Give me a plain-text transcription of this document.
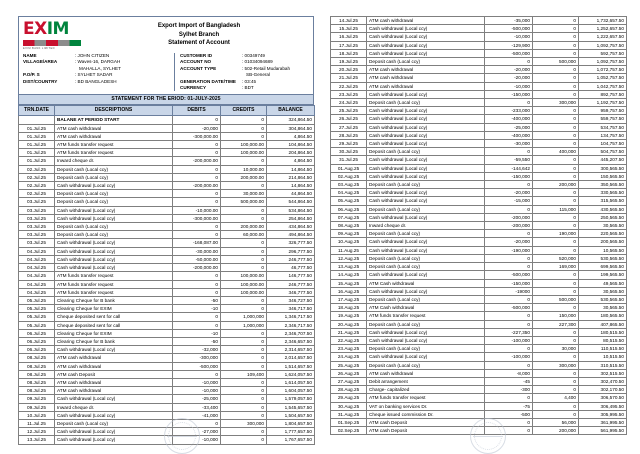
EXIM
EXIM BANK LIMITED
Export Import of Bangladesh
Sylhet Branch
Statement of Account
NAME	: JOHN CITIZEN
VILLAGE/AREA	: Waves-16, DARGAH
MAHALLA, SYLHET
P.O/P. S	: SYLHET SADAR
DIST/COUNTRY	: BD BANGLADESH
CUSTOMER ID	: 00349749
ACCOUNT NO	: 01034094689
ACCOUNT TYPE	: 502-Retail Mudarabah
SB-General
GENERATION DATE/TIME	: 03:45
CURRENCY	: BDT
STATEMENT FOR THE ERIOD: 01-JULY-2025
TRN.DATE	DESCRIPTIONS	DEBITS	CREDITS	BALANCE
	BALANE AT PERIOD START	0	0	324,864.50
01.Jul.25	ATM cash withdrawal	-20,000	0	304,864.50
01.Jul.25	ATM cash withdrawal	-300,000.00	0	4,864.50
01.Jul.25	ATM funds transfer request	0	100,000.00	104,864.50
01.Jul.25	ATM funds transfer request	0	100,000.00	204,864.50
01.Jul.25	Inward cheque dr.	-200,000.00	0	4,864.50
02.Jul.25	Deposit cash (Local ccy)	0	10,000.00	14,864.50
02.Jul.25	Deposit cash (Local ccy)	0	200,000.00	214,864.50
02.Jul.25	Cash withdrawal (Local ccy)	-200,000.00	0	14,864.50
02.Jul.25	Deposit cash (Local ccy)	0	30,000.00	44,864.50
03.Jul.25	Deposit cash (Local ccy)	0	500,000.00	544,864.50
03.Jul.25	Cash withdrawal (Local ccy)	-10,000.00	0	534,864.50
03.Jul.25	Cash withdrawal (Local ccy)	-300,000.00	0	254,864.50
03.Jul.25	Deposit cash (Local ccy)	0	200,000.00	434,864.50
03.Jul.25	Deposit cash (Local ccy)	0	60,000.00	494,864.50
03.Jul.25	Cash withdrawal (Local ccy)	-168,087.00	0	326,777.50
04.Jul.25	Cash withdrawal (Local ccy)	-30,000.00	0	296,777.50
04.Jul.25	Cash withdrawal (Local ccy)	-50,000.00	0	246,777.50
04.Jul.25	Cash withdrawal (Local ccy)	-200,000.00	0	46,777.50
04.Jul.25	ATM funds transfer request	0	100,000.00	146,777.50
04.Jul.25	ATM funds transfer request	0	100,000.00	246,777.50
04.Jul.25	ATM funds transfer request	0	100,000.00	346,777.50
05.Jul.25	Clearing Cheque for B bank	-50	0	346,727.50
05.Jul.25	Clearing Cheque for EXIM	-10	0	346,717.50
05.Jul.25	Cheque deposited sent for call	0	1,000,000	1,346,717.50
05.Jul.25	Cheque deposited sent for call	0	1,000,000	2,346,717.50
06.Jul.25	Clearing Cheque for EXIM	-10	0	2,346,707.50
06.Jul.25	Clearing Cheque for B bank	-50	0	2,346,657.50
06.Jul.25	Cash withdrawal (Local ccy)	-32,000	0	2,314,657.50
08.Jul.25	ATM cash withdrawal	-300,000	0	2,014,657.50
08.Jul.25	ATM cash withdrawal	-500,000	0	1,514,657.50
08.Jul.25	ATM cash Deposit	0	109,400	1,624,057.50
08.Jul.25	ATM cash withdrawal	-10,000	0	1,614,057.50
08.Jul.25	ATM cash withdrawal	-10,000	0	1,604,057.50
09.Jul.25	Cash withdrawal (Local ccy)	-25,000	0	1,579,057.50
09.Jul.25	Inward cheque dr.	-33,400	0	1,545,657.50
10.Jul.25	Cash withdrawal (Local ccy)	-41,000	0	1,504,657.50
11.Jul.25	Deposit cash (Local ccy)	0	300,000	1,804,657.50
12.Jul.25	Cash withdrawal (Local ccy)	-27,000	0	1,777,657.50
13.Jul.25	Cash withdrawal (Local ccy)	-10,000	0	1,767,657.50
14.Jul.25	ATM cash withdrawal	-35,000	0	1,732,657.50
15.Jul.25	Cash withdrawal (Local ccy)	-500,000	0	1,252,657.50
16.Jul.25	Cash withdrawal (Local ccy)	-10,000	0	1,222,657.50
17.Jul.25	Cash withdrawal (Local ccy)	-129,900	0	1,092,757.50
18.Jul.25	Cash withdrawal (Local ccy)	-500,000	0	592,757.50
19.Jul.25	Deposit cash (Local ccy)	0	500,000	1,092,757.50
20.Jul.25	ATM cash withdrawal	-20,000	0	1,072,757.50
21.Jul.25	ATM cash withdrawal	-20,000	0	1,052,757.50
22.Jul.25	ATM cash withdrawal	-10,000	0	1,042,757.50
23.Jul.25	Cash withdrawal (Local ccy)	-150,000	0	892,757.50
24.Jul.25	Deposit cash (Local ccy)	0	300,000	1,192,757.50
25.Jul.25	Cash withdrawal (Local ccy)	-233,000	0	959,757.50
26.Jul.25	Cash withdrawal (Local ccy)	-400,000	0	559,757.50
27.Jul.25	Cash withdrawal (Local ccy)	-25,000	0	534,757.50
28.Jul.25	Cash withdrawal (Local ccy)	-400,000	0	134,757.50
29.Jul.25	Cash withdrawal (Local ccy)	-30,000	0	104,757.50
30.Jul.25	Deposit cash (Local ccy)	0	400,000	504,757.50
31.Jul.25	Cash withdrawal (Local ccy)	-59,550	0	445,207.50
01.Aug.25	Cash withdrawal (Local ccy)	-144,642	0	300,565.50
02.Aug.25	Cash withdrawal (Local ccy)	-150,000	0	150,565.50
03.Aug.25	Deposit cash (Local ccy)	0	200,000	350,565.50
04.Aug.25	Cash withdrawal (Local ccy)	-20,000	0	330,565.50
05.Aug.25	Cash withdrawal (Local ccy)	-15,000	0	315,565.50
06.Aug.25	Deposit cash (Local ccy)	0	115,000	430,565.50
07.Aug.25	Cash withdrawal (Local ccy)	-200,000	0	250,565.50
08.Aug.25	Inward cheque dr.	-200,000	0	30,565.50
09.Aug.25	Deposit cash (Local ccy)	0	190,000	220,565.50
10.Aug.25	Cash withdrawal (Local ccy)	-20,000	0	200,565.50
11.Aug.25	Cash withdrawal (Local ccy)	-190,000	0	10,565.50
12.Aug.25	Deposit cash (Local ccy)	0	520,000	530,565.50
13.Aug.25	Deposit cash (Local ccy)	0	169,000	699,565.50
14.Aug.25	Cash withdrawal (Local ccy)	-500,000	0	199,565.50
15.Aug.25	ATM Cash withdrawal	-150,000	0	49,565.50
16.Aug.25	Cash withdrawal (Local ccy)	-19000	0	30,565.50
17.Aug.25	Deposit cash (Local ccy)	0	500,000	530,565.50
18.Aug.25	ATM Cash withdrawal	-500,000	0	30,565.50
19.Aug.25	ATM funds transfer request	0	150,000	180,565.50
20.Aug.25	Deposit cash (Local ccy)	0	227,300	407,865.50
21.Aug.25	Cash withdrawal (Local ccy)	-227,350	0	180,515.50
22.Aug.25	Cash withdrawal (Local ccy)	-100,000	0	80,515.50
23.Aug.25	Deposit cash (Local ccy)	0	30,000	110,515.50
24.Aug.25	Cash withdrawal (Local ccy)	-100,000	0	10,515.50
25.Aug.25	Deposit cash (Local ccy)	0	300,000	310,515.50
26.Aug.25	ATM cash withdrawal	-8,000	0	302,515.50
27.Aug.25	Debit arrangement	-45	0	302,470.50
28.Aug.25	Charge- capitalized	-300	0	302,170.50
29.Aug.25	ATM funds transfer request	0	4,400	306,570.50
30.Aug.25	VAT on banking services Dr.	-75	0	306,495.50
31.Aug.25	Cheque issued commission Dr.	-500	0	305,995.50
01.Sep.25	ATM cash Deposit	0	56,000	361,995.50
02.Sep.25	ATM cash Deposit	0	200,000	561,995.50
